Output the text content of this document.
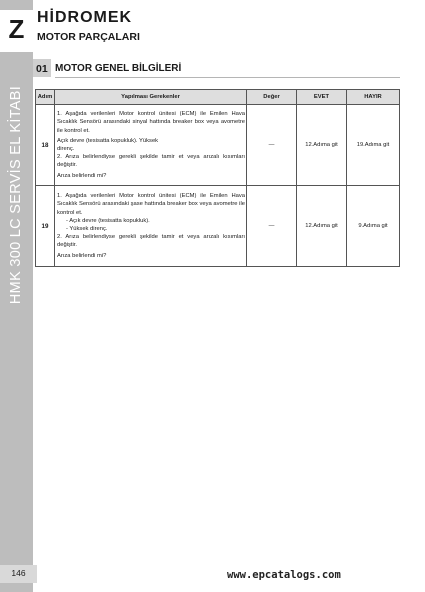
Z
HMK 300 LC SERVİS EL KİTABI
146
HİDROMEK
MOTOR PARÇALARI
01 MOTOR GENEL BİLGİLERİ
Adım	Yapılması Gerekenler	Değer	EVET	HAYIR
18	1. Aşağıda verilenleri Motor kontrol ünitesi (ECM) ile Emilen Hava Sıcaklık Sensörü arasındaki sinyal hattında breaker box veya avometre ile kontrol et.

Açık devre (tesisatta kopukluk). Yüksek

direnç.

2. Arıza belirlendiyse gerekli şekilde tamir et veya arızalı kısımları değiştir.

Arıza belirlendi mi?	—	12.Adıma git	19.Adıma git
19	1. Aşağıda verilenleri Motor kontrol ünitesi (ECM) ile Emilen Hava Sıcaklık Sensörü arasındaki şase hattında breaker box veya avometre ile kontrol et.

- Açık devre (tesisatta kopukluk).

- Yüksek direnç.

2. Arıza belirlendiyse gerekli şekilde tamir et veya arızalı kısımları değiştir.

Arıza belirlendi mi?	—	12.Adıma git	9.Adıma git
www.epcatalogs.com
